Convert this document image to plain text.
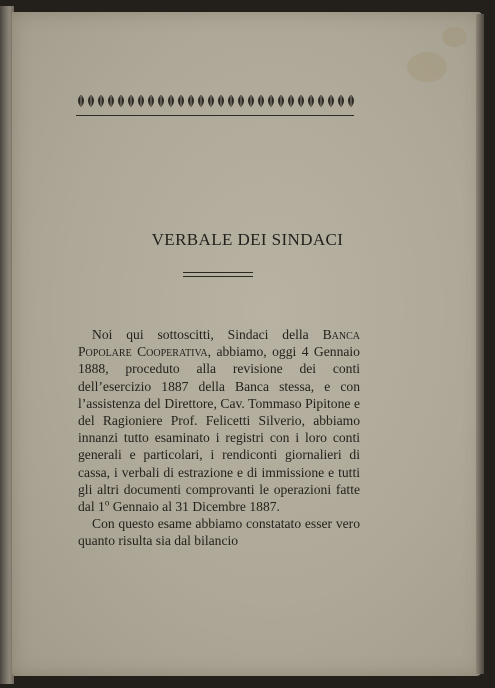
VERBALE DEI SINDACI

Noi qui sottoscitti, Sindaci della Banca Popolare Cooperativa, abbiamo, oggi 4 Gennaio 1888, proceduto alla revisione dei conti dell’esercizio 1887 della Banca stessa, e con l’assistenza del Direttore, Cav. Tommaso Pipitone e del Ragioniere Prof. Felicetti Silverio, abbiamo innanzi tutto esaminato i registri con i loro conti generali e particolari, i rendiconti giornalieri di cassa, i verbali di estrazione e di immissione e tutti gli altri documenti comprovanti le operazioni fatte dal 1$^o$ Gennaio al 31 Dicembre 1887.

Con questo esame abbiamo constatato esser vero quanto risulta sia dal bilancio
